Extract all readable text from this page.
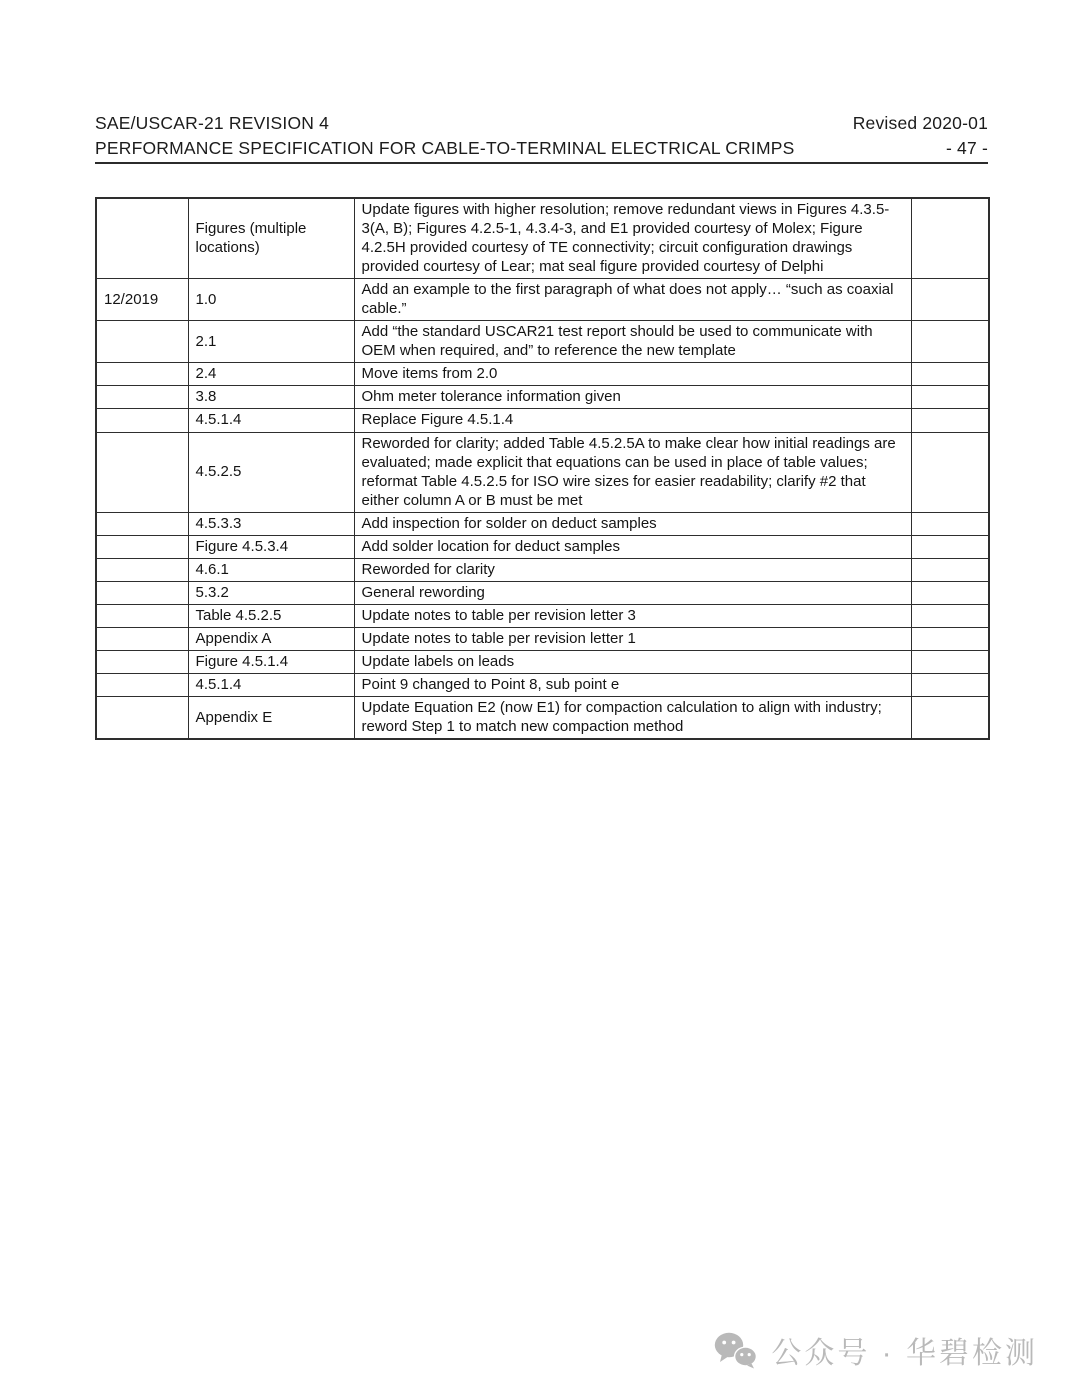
SAE/USCAR-21 REVISION 4	Revised 2020-01
PERFORMANCE SPECIFICATION FOR CABLE-TO-TERMINAL ELECTRICAL CRIMPS	- 47 -
	Figures (multiple locations)	Update figures with higher resolution; remove redundant views in Figures 4.3.5-3(A, B); Figures 4.2.5-1, 4.3.4-3, and E1 provided courtesy of Molex; Figure 4.2.5H provided courtesy of TE connectivity; circuit configuration drawings provided courtesy of Lear; mat seal figure provided courtesy of Delphi	
12/2019	1.0	Add an example to the first paragraph of what does not apply… “such as coaxial cable.”	
	2.1	Add “the standard USCAR21 test report should be used to communicate with OEM when required, and” to reference the new template	
	2.4	Move items from 2.0	
	3.8	Ohm meter tolerance information given	
	4.5.1.4	Replace Figure 4.5.1.4	
	4.5.2.5	Reworded for clarity; added Table 4.5.2.5A to make clear how initial readings are evaluated; made explicit that equations can be used in place of table values; reformat Table 4.5.2.5 for ISO wire sizes for easier readability; clarify #2 that either column A or B must be met	
	4.5.3.3	Add inspection for solder on deduct samples	
	Figure 4.5.3.4	Add solder location for deduct samples	
	4.6.1	Reworded for clarity	
	5.3.2	General rewording	
	Table 4.5.2.5	Update notes to table per revision letter 3	
	Appendix A	Update notes to table per revision letter 1	
	Figure 4.5.1.4	Update labels on leads	
	4.5.1.4	Point 9 changed to Point 8, sub point e	
	Appendix E	Update Equation E2 (now E1) for compaction calculation to align with industry; reword Step 1 to match new compaction method	
公众号 · 华碧检测
